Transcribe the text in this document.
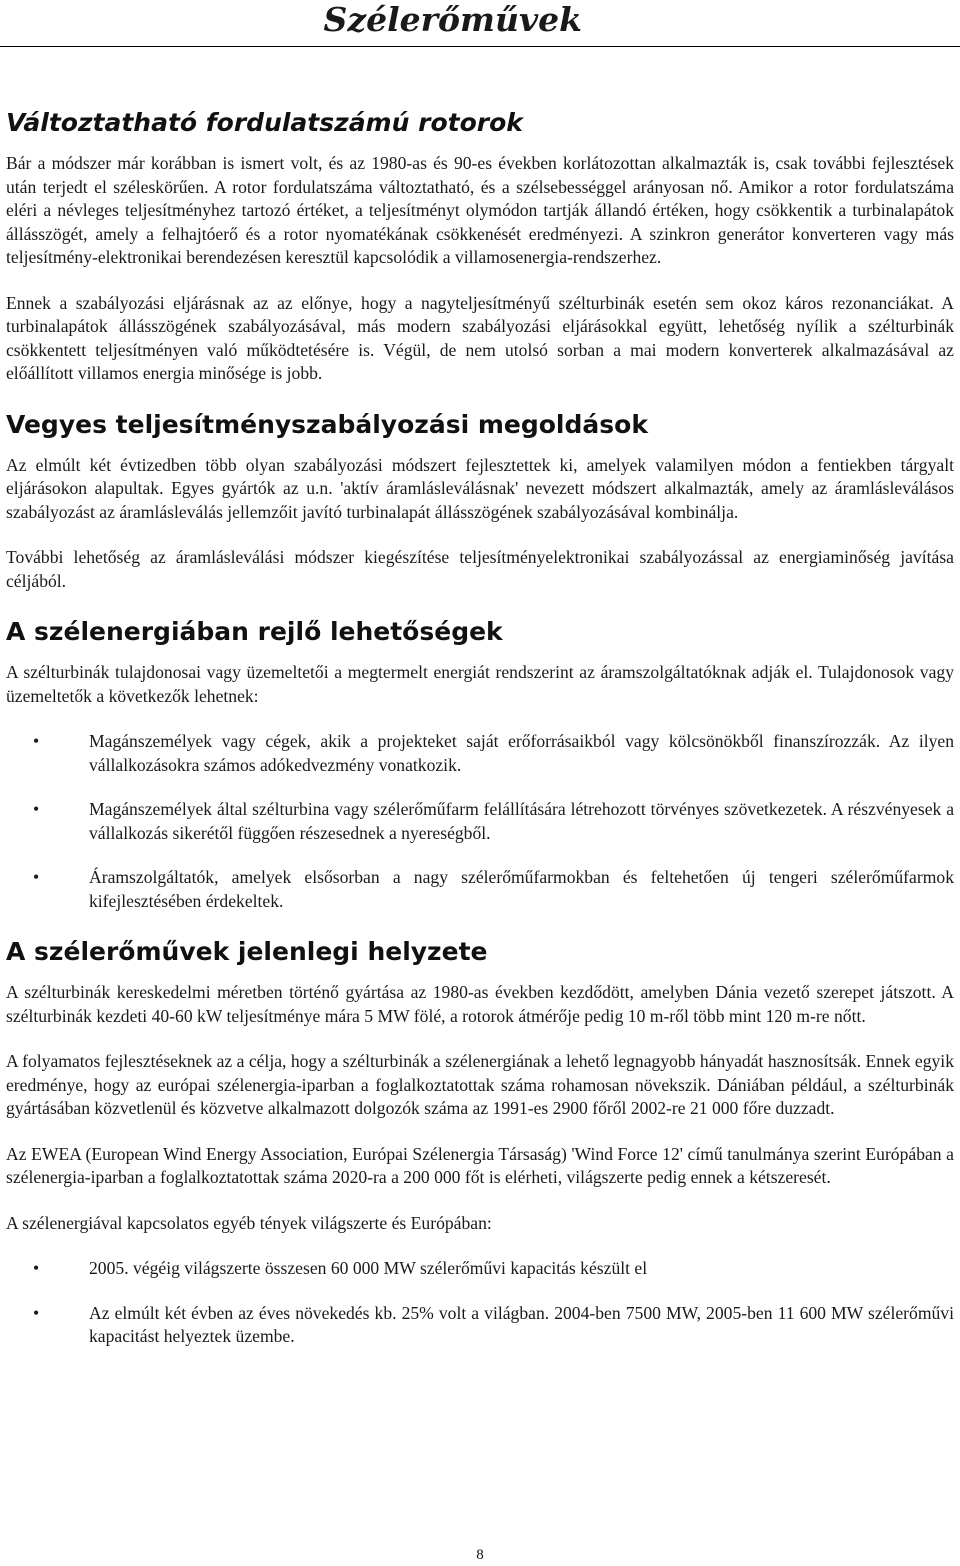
Szélerőművek
Változtatható fordulatszámú rotorok

Bár a módszer már korábban is ismert volt, és az 1980-as és 90-es években korlátozottan alkalmazták is, csak további fejlesztések után terjedt el széleskörűen. A rotor fordulatszáma változtatható, és a szélsebességgel arányosan nő. Amikor a rotor fordulatszáma eléri a névleges teljesítményhez tartozó értéket, a teljesítményt olymódon tartják állandó értéken, hogy csökkentik a turbinalapátok állásszögét, amely a felhajtóerő és a rotor nyomatékának csökkenését eredményezi. A szinkron generátor konverteren vagy más teljesítmény-elektronikai berendezésen keresztül kapcsolódik a villamosenergia-rendszerhez.

Ennek a szabályozási eljárásnak az az előnye, hogy a nagyteljesítményű szélturbinák esetén sem okoz káros rezonanciákat. A turbinalapátok állásszögének szabályozásával, más modern szabályozási eljárásokkal együtt, lehetőség nyílik a szélturbinák csökkentett teljesítményen való működtetésére is. Végül, de nem utolsó sorban a mai modern konverterek alkalmazásával az előállított villamos energia minősége is jobb.

Vegyes teljesítményszabályozási megoldások

Az elmúlt két évtizedben több olyan szabályozási módszert fejlesztettek ki, amelyek valamilyen módon a fentiekben tárgyalt eljárásokon alapultak. Egyes gyártók az u.n. 'aktív áramlásleválásnak' nevezett módszert alkalmazták, amely az áramlásleválásos szabályozást az áramlásleválás jellemzőit javító turbinalapát állásszögének szabályozásával kombinálja.

További lehetőség az áramlásleválási módszer kiegészítése teljesítményelektronikai szabályozással az energiaminőség javítása céljából.

A szélenergiában rejlő lehetőségek

A szélturbinák tulajdonosai vagy üzemeltetői a megtermelt energiát rendszerint az áramszolgáltatóknak adják el. Tulajdonosok vagy üzemeltetők a következők lehetnek:

•	Magánszemélyek vagy cégek, akik a projekteket saját erőforrásaikból vagy kölcsönökből finanszírozzák. Az ilyen vállalkozásokra számos adókedvezmény vonatkozik.
•	Magánszemélyek által szélturbina vagy szélerőműfarm felállítására létrehozott törvényes szövetkezetek. A részvényesek a vállalkozás sikerétől függően részesednek a nyereségből.
•	Áramszolgáltatók, amelyek elsősorban a nagy szélerőműfarmokban és feltehetően új tengeri szélerőműfarmok kifejlesztésében érdekeltek.
A szélerőművek jelenlegi helyzete

A szélturbinák kereskedelmi méretben történő gyártása az 1980-as években kezdődött, amelyben Dánia vezető szerepet játszott. A szélturbinák kezdeti 40-60 kW teljesítménye mára 5 MW fölé, a rotorok átmérője pedig 10 m-ről több mint 120 m-re nőtt.

A folyamatos fejlesztéseknek az a célja, hogy a szélturbinák a szélenergiának a lehető legnagyobb hányadát hasznosítsák. Ennek egyik eredménye, hogy az európai szélenergia-iparban a foglalkoztatottak száma rohamosan növekszik. Dániában például, a szélturbinák gyártásában közvetlenül és közvetve alkalmazott dolgozók száma az 1991-es 2900 főről 2002-re 21 000 főre duzzadt.

Az EWEA (European Wind Energy Association, Európai Szélenergia Társaság) 'Wind Force 12' című tanulmánya szerint Európában a szélenergia-iparban a foglalkoztatottak száma 2020-ra a 200 000 főt is elérheti, világszerte pedig ennek a kétszeresét.

A szélenergiával kapcsolatos egyéb tények világszerte és Európában:

•	2005. végéig világszerte összesen 60 000 MW szélerőművi kapacitás készült el
•	Az elmúlt két évben az éves növekedés kb. 25% volt a világban. 2004-ben 7500 MW, 2005-ben 11 600 MW szélerőművi kapacitást helyeztek üzembe.
8
